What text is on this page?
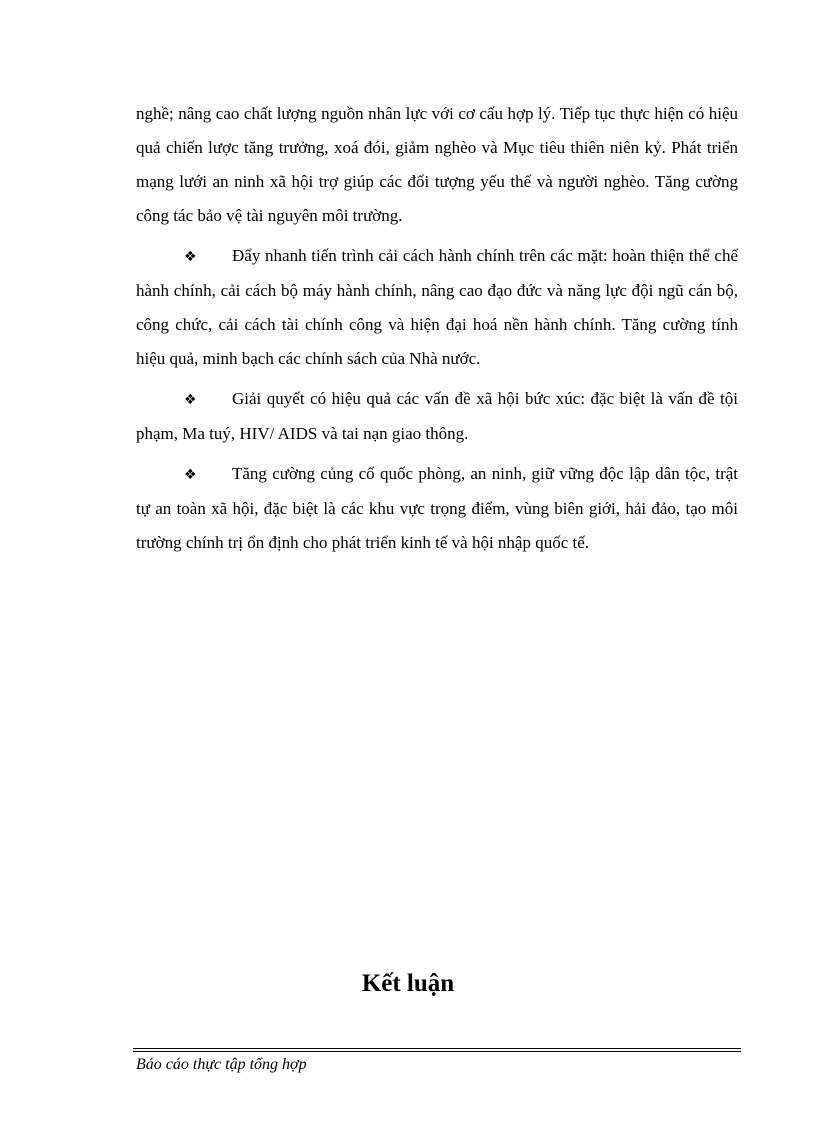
nghề; nâng cao chất lượng nguồn nhân lực với cơ cấu hợp lý. Tiếp tục thực hiện có hiệu quả chiến lược tăng trưởng, xoá đói, giảm nghèo và Mục tiêu thiên niên kỷ. Phát triển mạng lưới an ninh xã hội trợ giúp các đối tượng yếu thế và người nghèo. Tăng cường công tác bảo vệ tài nguyên môi trường.

❖ Đẩy nhanh tiến trình cải cách hành chính trên các mặt: hoàn thiện thể chế hành chính, cải cách bộ máy hành chính, nâng cao đạo đức và năng lực đội ngũ cán bộ, công chức, cải cách tài chính công và hiện đại hoá nền hành chính. Tăng cường tính hiệu quả, minh bạch các chính sách của Nhà nước.

❖ Giải quyết có hiệu quả các vấn đề xã hội bức xúc: đặc biệt là vấn đề tội phạm, Ma tuý, HIV/ AIDS và tai nạn giao thông.

❖ Tăng cường củng cố quốc phòng, an ninh, giữ vững độc lập dân tộc, trật tự an toàn xã hội, đặc biệt là các khu vực trọng điểm, vùng biên giới, hải đảo, tạo môi trường chính trị ổn định cho phát triển kinh tế và hội nhập quốc tế.

Kết luận
Báo cáo thực tập tổng hợp
